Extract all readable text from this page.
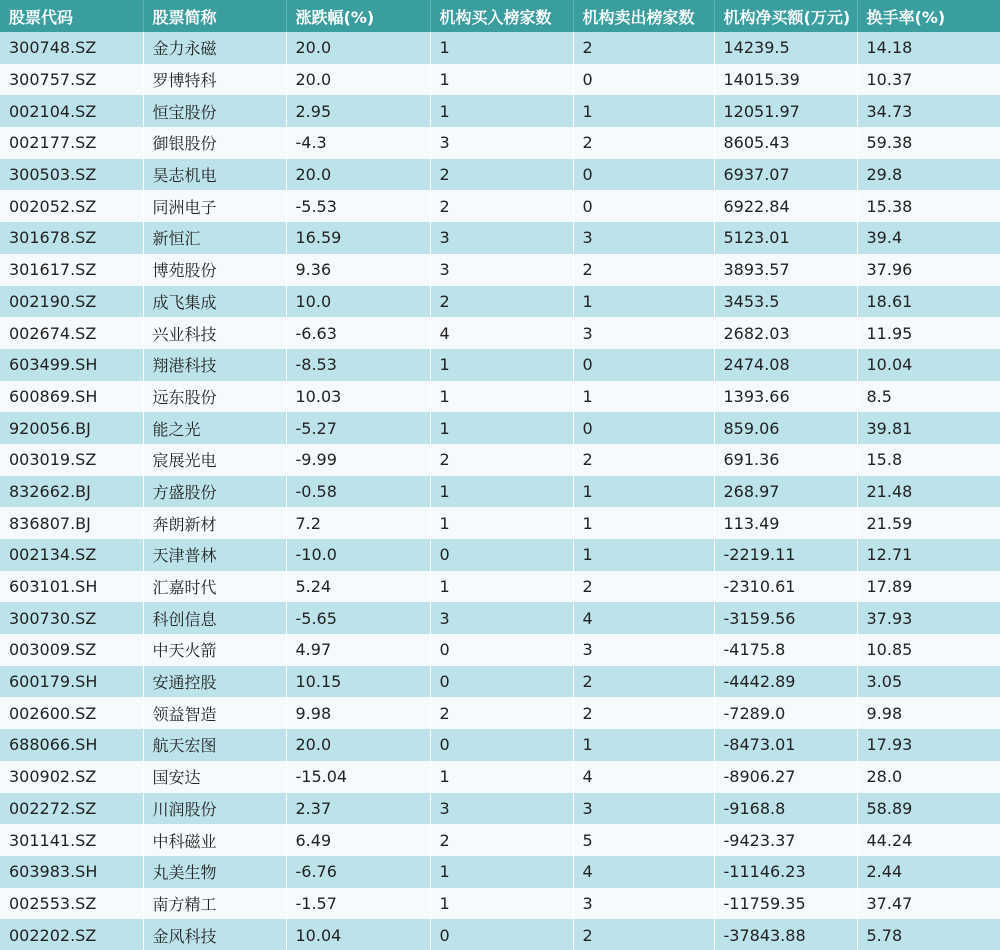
股票代码	股票简称	涨跌幅(%)	机构买入榜家数	机构卖出榜家数	机构净买额(万元)	换手率(%)
300748.SZ	金力永磁	20.0	1	2	14239.5	14.18
300757.SZ	罗博特科	20.0	1	0	14015.39	10.37
002104.SZ	恒宝股份	2.95	1	1	12051.97	34.73
002177.SZ	御银股份	-4.3	3	2	8605.43	59.38
300503.SZ	昊志机电	20.0	2	0	6937.07	29.8
002052.SZ	同洲电子	-5.53	2	0	6922.84	15.38
301678.SZ	新恒汇	16.59	3	3	5123.01	39.4
301617.SZ	博苑股份	9.36	3	2	3893.57	37.96
002190.SZ	成飞集成	10.0	2	1	3453.5	18.61
002674.SZ	兴业科技	-6.63	4	3	2682.03	11.95
603499.SH	翔港科技	-8.53	1	0	2474.08	10.04
600869.SH	远东股份	10.03	1	1	1393.66	8.5
920056.BJ	能之光	-5.27	1	0	859.06	39.81
003019.SZ	宸展光电	-9.99	2	2	691.36	15.8
832662.BJ	方盛股份	-0.58	1	1	268.97	21.48
836807.BJ	奔朗新材	7.2	1	1	113.49	21.59
002134.SZ	天津普林	-10.0	0	1	-2219.11	12.71
603101.SH	汇嘉时代	5.24	1	2	-2310.61	17.89
300730.SZ	科创信息	-5.65	3	4	-3159.56	37.93
003009.SZ	中天火箭	4.97	0	3	-4175.8	10.85
600179.SH	安通控股	10.15	0	2	-4442.89	3.05
002600.SZ	领益智造	9.98	2	2	-7289.0	9.98
688066.SH	航天宏图	20.0	0	1	-8473.01	17.93
300902.SZ	国安达	-15.04	1	4	-8906.27	28.0
002272.SZ	川润股份	2.37	3	3	-9168.8	58.89
301141.SZ	中科磁业	6.49	2	5	-9423.37	44.24
603983.SH	丸美生物	-6.76	1	4	-11146.23	2.44
002553.SZ	南方精工	-1.57	1	3	-11759.35	37.47
002202.SZ	金风科技	10.04	0	2	-37843.88	5.78
